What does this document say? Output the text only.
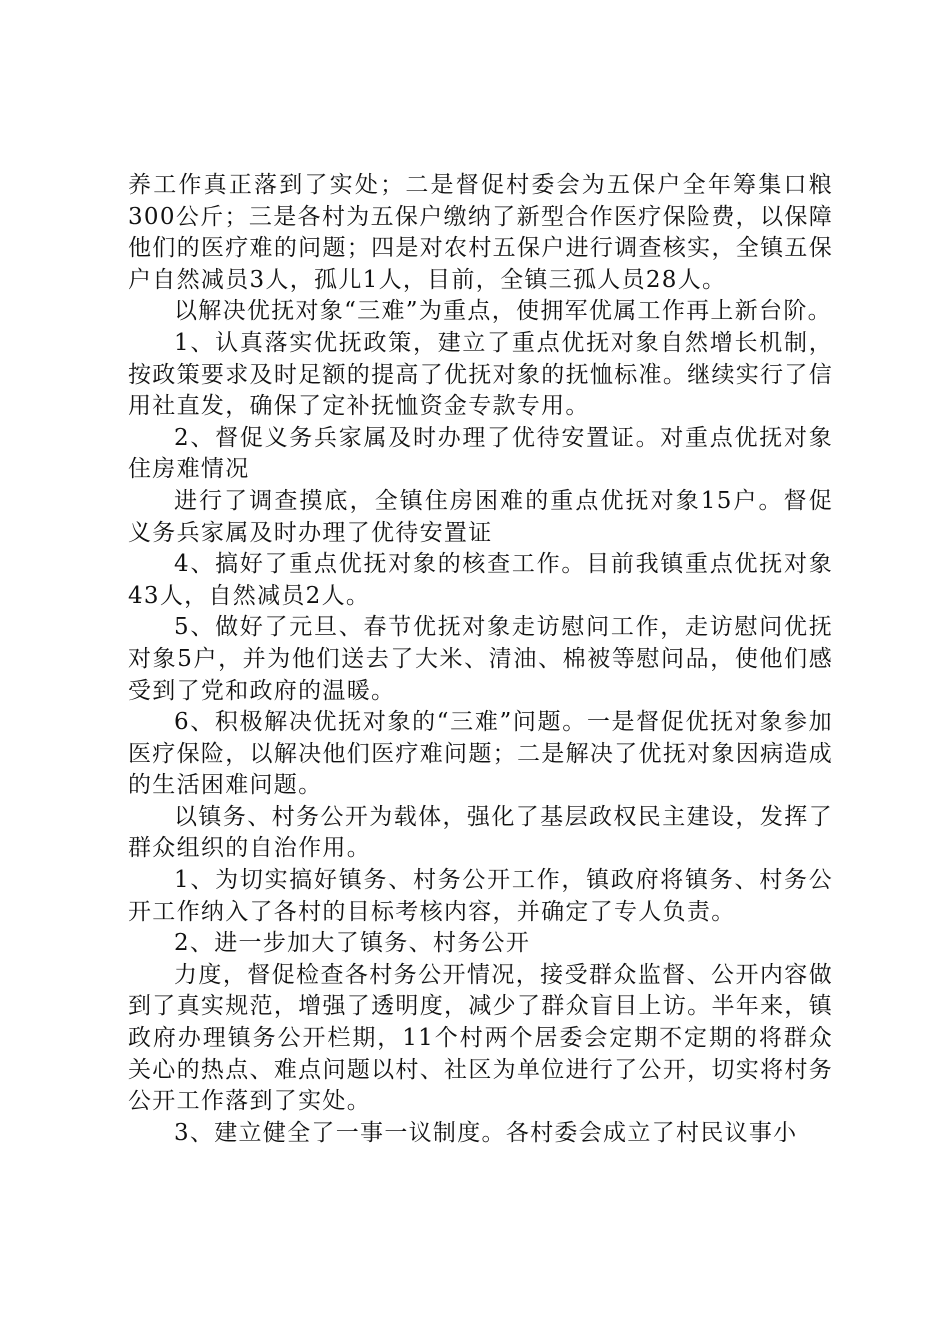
养工作真正落到了实处；二是督促村委会为五保户全年筹集口粮300公斤；三是各村为五保户缴纳了新型合作医疗保险费，以保障他们的医疗难的问题；四是对农村五保户进行调查核实，全镇五保户自然减员3人，孤儿1人，目前，全镇三孤人员28人。

以解决优抚对象“三难”为重点，使拥军优属工作再上新台阶。

1、认真落实优抚政策，建立了重点优抚对象自然增长机制，按政策要求及时足额的提高了优抚对象的抚恤标准。继续实行了信用社直发，确保了定补抚恤资金专款专用。

2、督促义务兵家属及时办理了优待安置证。对重点优抚对象住房难情况

进行了调查摸底，全镇住房困难的重点优抚对象15户。督促义务兵家属及时办理了优待安置证

4、搞好了重点优抚对象的核查工作。目前我镇重点优抚对象43人，自然减员2人。

5、做好了元旦、春节优抚对象走访慰问工作，走访慰问优抚对象5户，并为他们送去了大米、清油、棉被等慰问品，使他们感受到了党和政府的温暖。

6、积极解决优抚对象的“三难”问题。一是督促优抚对象参加医疗保险，以解决他们医疗难问题；二是解决了优抚对象因病造成的生活困难问题。

以镇务、村务公开为载体，强化了基层政权民主建设，发挥了群众组织的自治作用。

1、为切实搞好镇务、村务公开工作，镇政府将镇务、村务公开工作纳入了各村的目标考核内容，并确定了专人负责。

2、进一步加大了镇务、村务公开

力度，督促检查各村务公开情况，接受群众监督、公开内容做到了真实规范，增强了透明度，减少了群众盲目上访。半年来，镇政府办理镇务公开栏期，11个村两个居委会定期不定期的将群众关心的热点、难点问题以村、社区为单位进行了公开，切实将村务公开工作落到了实处。

3、建立健全了一事一议制度。各村委会成立了村民议事小
